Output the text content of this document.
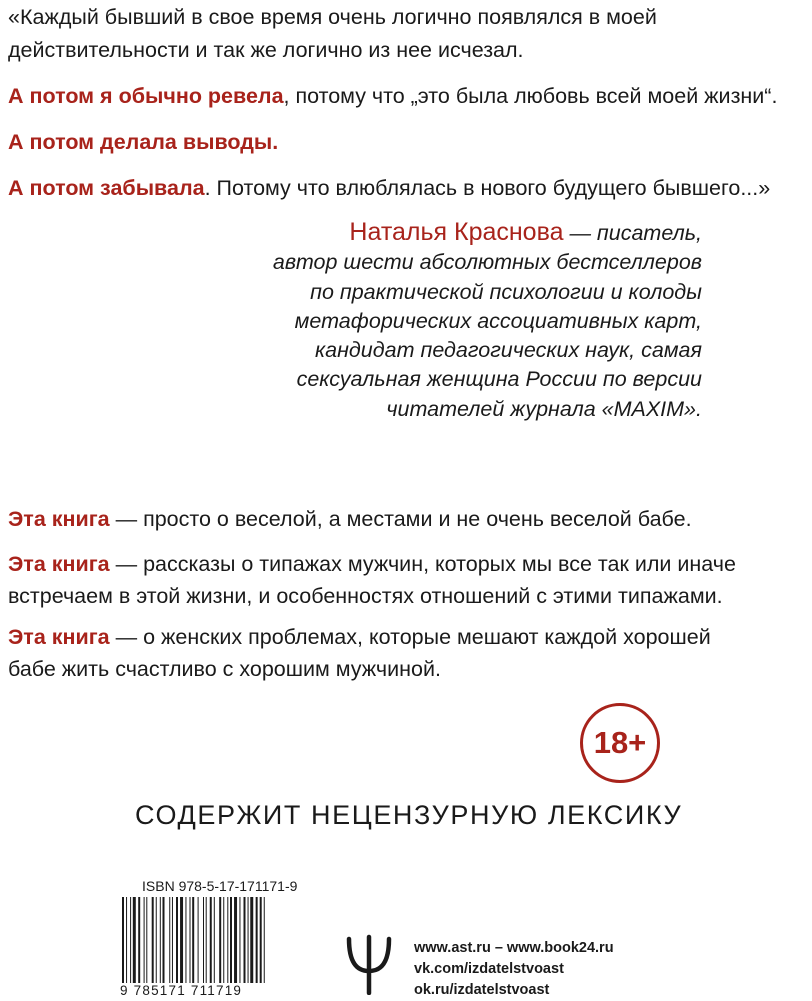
«Каждый бывший в свое время очень логично появлялся в моей
действительности и так же логично из нее исчезал.
А потом я обычно ревела, потому что „это была любовь всей моей жизни“.
А потом делала выводы.
А потом забывала. Потому что влюблялась в нового будущего бывшего...»
Наталья Краснова — писатель,
автор шести абсолютных бестселлеров
по практической психологии и колоды
метафорических ассоциативных карт,
кандидат педагогических наук, самая
сексуальная женщина России по версии
читателей журнала «MAXIM».
Эта книга — просто о веселой, а местами и не очень веселой бабе.
Эта книга — рассказы о типажах мужчин, которых мы все так или иначе
встречаем в этой жизни, и особенностях отношений с этими типажами.
Эта книга — о женских проблемах, которые мешают каждой хорошей
бабе жить счастливо с хорошим мужчиной.
18+
СОДЕРЖИТ НЕЦЕНЗУРНУЮ ЛЕКСИКУ
ISBN 978-5-17-171171-9
9 785171 711719
www.ast.ru – www.book24.ru
vk.com/izdatelstvoast
ok.ru/izdatelstvoast
